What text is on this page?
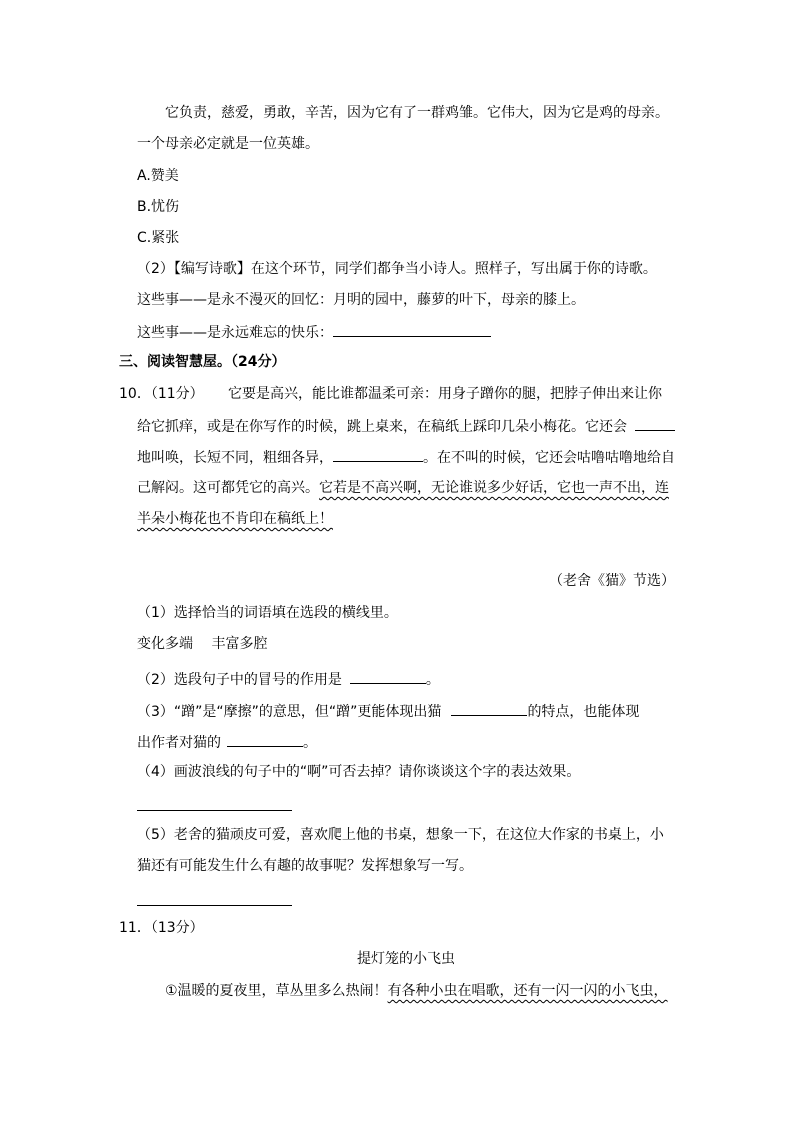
它负责，慈爱，勇敢，辛苦，因为它有了一群鸡雏。它伟大，因为它是鸡的母亲。
一个母亲必定就是一位英雄。
A.赞美
B.忧伤
C.紧张
（2）【编写诗歌】在这个环节，同学们都争当小诗人。照样子，写出属于你的诗歌。
这些事——是永不漫灭的回忆：月明的园中，藤萝的叶下，母亲的膝上。
这些事——是永远难忘的快乐：
三、阅读智慧屋。（24分）
10．（11分） 它要是高兴，能比谁都温柔可亲：用身子蹭你的腿，把脖子伸出来让你
给它抓痒，或是在你写作的时候，跳上桌来，在稿纸上踩印几朵小梅花。它还会
地叫唤，长短不同，粗细各异，	。在不叫的时候，它还会咕噜咕噜地给自
己解闷。这可都凭它的高兴。它若是不高兴啊，无论谁说多少好话，它也一声不出，连
半朵小梅花也不肯印在稿纸上！
（老舍《猫》节选）
（1）选择恰当的词语填在选段的横线里。
变化多端　 丰富多腔
（2）选段句子中的冒号的作用是	。
（3）“蹭”是“摩擦”的意思，但“蹭”更能体现出猫	的特点，也能体现
出作者对猫的	。
（4）画波浪线的句子中的“啊”可否去掉？请你谈谈这个字的表达效果。
（5）老舍的猫顽皮可爱，喜欢爬上他的书桌，想象一下，在这位大作家的书桌上，小
猫还有可能发生什么有趣的故事呢？发挥想象写一写。
11．（13分）
提灯笼的小飞虫
①温暖的夏夜里，草丛里多么热闹！有各种小虫在唱歌，还有一闪一闪的小飞虫，
